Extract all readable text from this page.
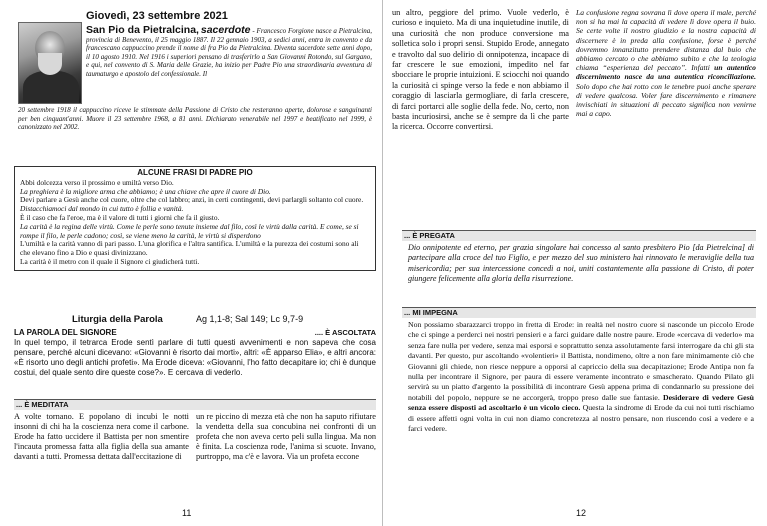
Giovedì, 23 settembre 2021
San Pio da Pietralcina, sacerdote - Francesco Forgione nasce a Pietralcina, provincia di Benevento, il 25 maggio 1887. Il 22 gennaio 1903, a sedici anni, entra in convento e da francescano cappuccino prende il nome di fra Pio da Pietralcina. Diventa sacerdote sette anni dopo, il 10 agosto 1910. Nel 1916 i superiori pensano di trasferirlo a San Giovanni Rotondo, sul Gargano, e qui, nel convento di S. Maria delle Grazie, ha inizio per Padre Pio una straordinaria avventura di taumaturgo e apostolo del confessionale. Il
20 settembre 1918 il cappuccino riceve le stimmate della Passione di Cristo che resteranno aperte, dolorose e sanguinanti per ben cinquant'anni. Muore il 23 settembre 1968, a 81 anni. Dichiarato venerabile nel 1997 e beatificato nel 1999, è canonizzato nel 2002.
ALCUNE FRASI DI PADRE PIO
Abbi dolcezza verso il prossimo e umiltà verso Dio.
La preghiera è la migliore arma che abbiamo; è una chiave che apre il cuore di Dio.
Devi parlare a Gesù anche col cuore, oltre che col labbro; anzi, in certi contingenti, devi parlargli soltanto col cuore.
Distacchiamoci dal mondo in cui tutto è follia e vanità.
È il caso che fa l'eroe, ma è il valore di tutti i giorni che fa il giusto.
La carità è la regina delle virtù. Come le perle sono tenute insieme dal filo, così le virtù dalla carità. E come, se si rompe il filo, le perle cadono; così, se viene meno la carità, le virtù si disperdono
L'umiltà e la carità vanno di pari passo. L'una glorifica e l'altra santifica. L'umiltà e la purezza dei costumi sono ali che elevano fino a Dio e quasi divinizzano.
La carità è il metro con il quale il Signore ci giudicherà tutti.
Liturgia della Parola	Ag 1,1-8; Sal 149; Lc 9,7-9
.... È ASCOLTATA
LA PAROLA DEL SIGNORE
In quel tempo, il tetrarca Erode sentì parlare di tutti questi avvenimenti e non sapeva che cosa pensare, perché alcuni dicevano: «Giovanni è risorto dai morti», altri: «È apparso Elia», e altri ancora: «È risorto uno degli antichi profeti». Ma Erode diceva: «Giovanni, l'ho fatto decapitare io; chi è dunque costui, del quale sento dire queste cose?». E cercava di vederlo.
... È MEDITATA
A volte tornano. E popolano di incubi le notti insonni di chi ha la coscienza nera come il carbone. Erode ha fatto uccidere il Battista per non smentire l'incauta promessa fatta alla figlia della sua amante davanti a tutti. Promessa dettata dall'eccitazione di
un re piccino di mezza età che non ha saputo rifiutare la vendetta della sua concubina nei confronti di un profeta che non aveva certo peli sulla lingua. Ma non è finita. La coscienza rode, l'anima si scuote. Invano, purtroppo, ma c'è e lavora. Via un profeta eccone
11
un altro, peggiore del primo. Vuole vederlo, è curioso e inquieto. Ma di una inquietudine inutile, di una curiosità che non produce conversione ma solletica solo i propri sensi. Stupido Erode, annegato e travolto dal suo delirio di onnipotenza, incapace di far crescere le sue emozioni, impedito nel far sbocciare le proprie intuizioni. E sciocchi noi quando la curiosità ci spinge verso la fede e non abbiamo il coraggio di lasciarla germogliare, di farla crescere, di farci portarci alle soglie della fede. No, certo, non basta incuriosirsi, anche se è sempre da lì che parte la ricerca. Occorre convertirsi.
La confusione regna sovrana lì dove opera il male, perché non si ha mai la capacità di vedere lì dove opera il buio. Se certe volte il nostro giudizio e la nostra capacità di discernere è in preda alla confusione, forse è perché dovremmo innanzitutto prendere distanza dal buio che abbiamo cercato o che abbiamo subito e che la teologia chiama “esperienza del peccato”. Infatti un autentico discernimento nasce da una autentica riconciliazione. Solo dopo che hai rotto con le tenebre puoi anche sperare di vedere qualcosa. Voler fare discernimento e rimanere invischiati in situazioni di peccato significa non venirne mai a capo.
... È PREGATA
Dio onnipotente ed eterno, per grazia singolare hai concesso al santo presbitero Pio [da Pietrelcina] di partecipare alla croce del tuo Figlio, e per mezzo del suo ministero hai rinnovato le meraviglie della tua misericordia; per sua intercessione concedi a noi, uniti costantemente alla passione di Cristo, di poter giungere felicemente alla gloria della risurrezione.
... MI IMPEGNA
Non possiamo sbarazzarci troppo in fretta di Erode: in realtà nel nostro cuore si nasconde un piccolo Erode che ci spinge a perderci nei nostri pensieri e a farci guidare dalle nostre paure. Erode «cercava di vederlo» ma senza fare nulla per vedere, senza mai esporsi e soprattutto senza assolutamente farsi interrogare da chi gli sta davanti. Per questo, pur ascoltando «volentieri» il Battista, nondimeno, oltre a non fare minimamente ciò che Giovanni gli chiede, non riesce neppure a opporsi al capriccio della sua decapitazione; Erode Antipa non fa nulla per incontrare il Signore, per paura di essere veramente incontrato e smascherato. Quando Pilato gli servirà su un piatto d'argento la possibilità di incontrare Gesù appena prima di condannarlo su pressione dei notabili del popolo, neppure se ne accorgerà, troppo preso dalle sue fantasie. Desiderare di vedere Gesù senza essere disposti ad ascoltarlo è un vicolo cieco. Questa la sindrome di Erode da cui noi tutti rischiamo di essere affetti ogni volta in cui non diamo concretezza al nostro pensare, non riuscendo così a vedere e a farci vedere.
12
